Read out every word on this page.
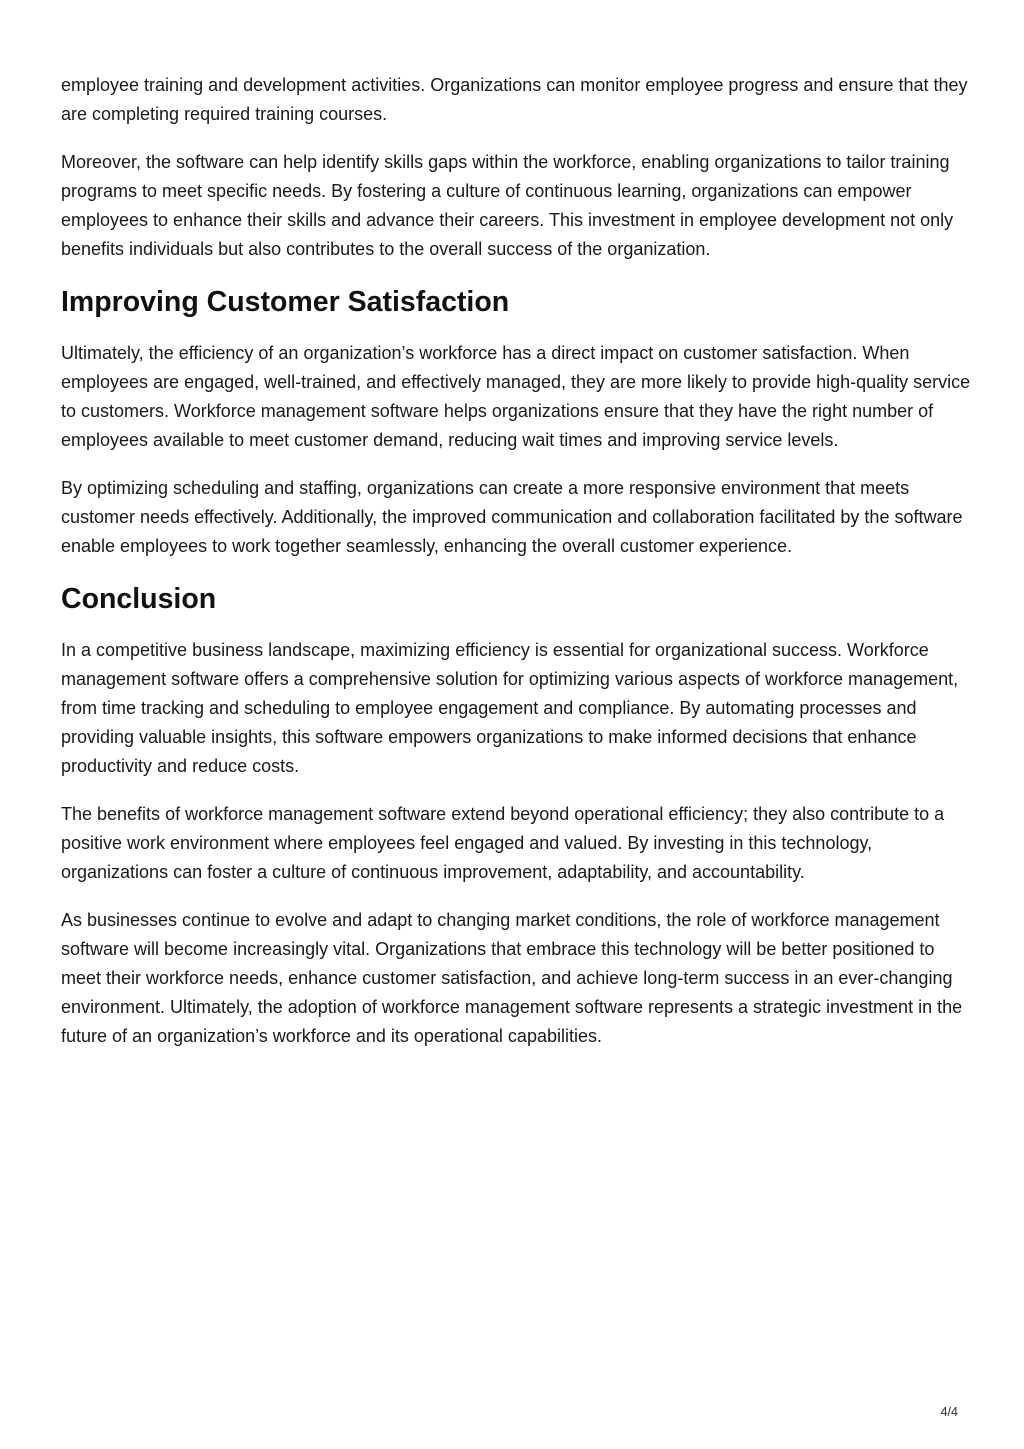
employee training and development activities. Organizations can monitor employee progress and ensure that they are completing required training courses.

Moreover, the software can help identify skills gaps within the workforce, enabling organizations to tailor training programs to meet specific needs. By fostering a culture of continuous learning, organizations can empower employees to enhance their skills and advance their careers. This investment in employee development not only benefits individuals but also contributes to the overall success of the organization.

Improving Customer Satisfaction

Ultimately, the efficiency of an organization’s workforce has a direct impact on customer satisfaction. When employees are engaged, well-trained, and effectively managed, they are more likely to provide high-quality service to customers. Workforce management software helps organizations ensure that they have the right number of employees available to meet customer demand, reducing wait times and improving service levels.

By optimizing scheduling and staffing, organizations can create a more responsive environment that meets customer needs effectively. Additionally, the improved communication and collaboration facilitated by the software enable employees to work together seamlessly, enhancing the overall customer experience.

Conclusion

In a competitive business landscape, maximizing efficiency is essential for organizational success. Workforce management software offers a comprehensive solution for optimizing various aspects of workforce management, from time tracking and scheduling to employee engagement and compliance. By automating processes and providing valuable insights, this software empowers organizations to make informed decisions that enhance productivity and reduce costs.

The benefits of workforce management software extend beyond operational efficiency; they also contribute to a positive work environment where employees feel engaged and valued. By investing in this technology, organizations can foster a culture of continuous improvement, adaptability, and accountability.

As businesses continue to evolve and adapt to changing market conditions, the role of workforce management software will become increasingly vital. Organizations that embrace this technology will be better positioned to meet their workforce needs, enhance customer satisfaction, and achieve long-term success in an ever-changing environment. Ultimately, the adoption of workforce management software represents a strategic investment in the future of an organization’s workforce and its operational capabilities.

4/4
